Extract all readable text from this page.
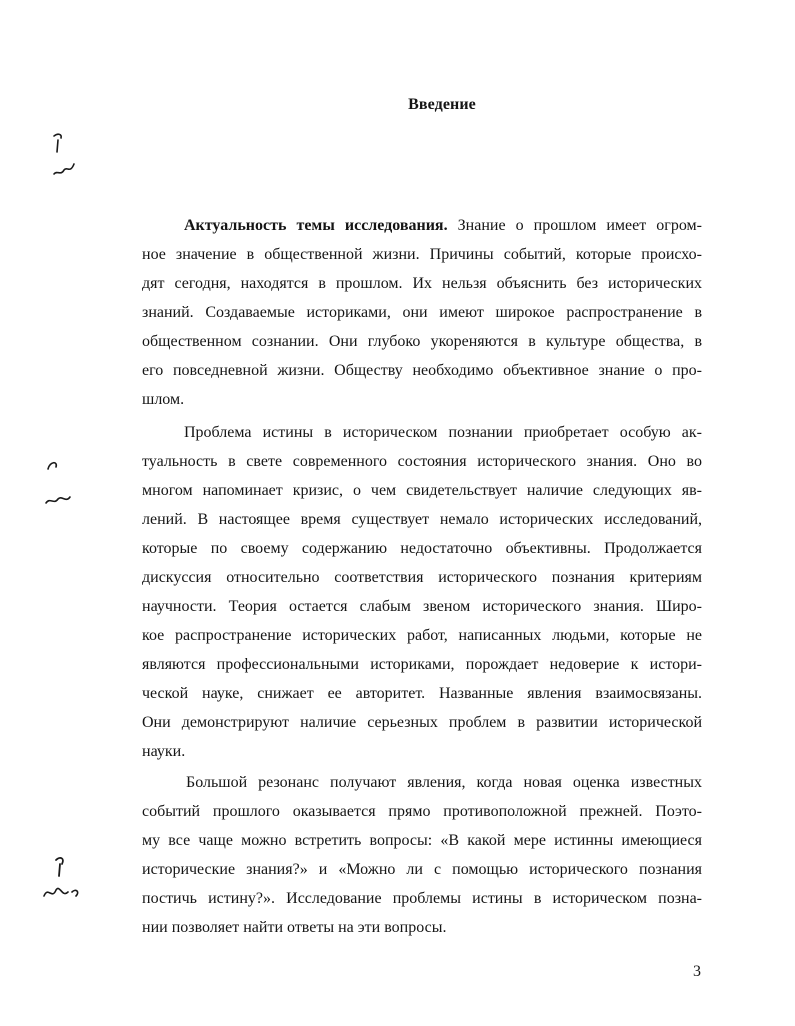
Введение
Актуальность темы исследования. Знание о прошлом имеет огром-
ное значение в общественной жизни. Причины событий, которые происхо-
дят сегодня, находятся в прошлом. Их нельзя объяснить без исторических
знаний. Создаваемые историками, они имеют широкое распространение в
общественном сознании. Они глубоко укореняются в культуре общества, в
его повседневной жизни. Обществу необходимо объективное знание о про-
шлом.
Проблема истины в историческом познании приобретает особую ак-
туальность в свете современного состояния исторического знания. Оно во
многом напоминает кризис, о чем свидетельствует наличие следующих яв-
лений. В настоящее время существует немало исторических исследований,
которые по своему содержанию недостаточно объективны. Продолжается
дискуссия относительно соответствия исторического познания критериям
научности. Теория остается слабым звеном исторического знания. Широ-
кое распространение исторических работ, написанных людьми, которые не
являются профессиональными историками, порождает недоверие к истори-
ческой науке, снижает ее авторитет. Названные явления взаимосвязаны.
Они демонстрируют наличие серьезных проблем в развитии исторической
науки.
Большой резонанс получают явления, когда новая оценка известных
событий прошлого оказывается прямо противоположной прежней. Поэто-
му все чаще можно встретить вопросы: «В какой мере истинны имеющиеся
исторические знания?» и «Можно ли с помощью исторического познания
постичь истину?». Исследование проблемы истины в историческом позна-
нии позволяет найти ответы на эти вопросы.
3
